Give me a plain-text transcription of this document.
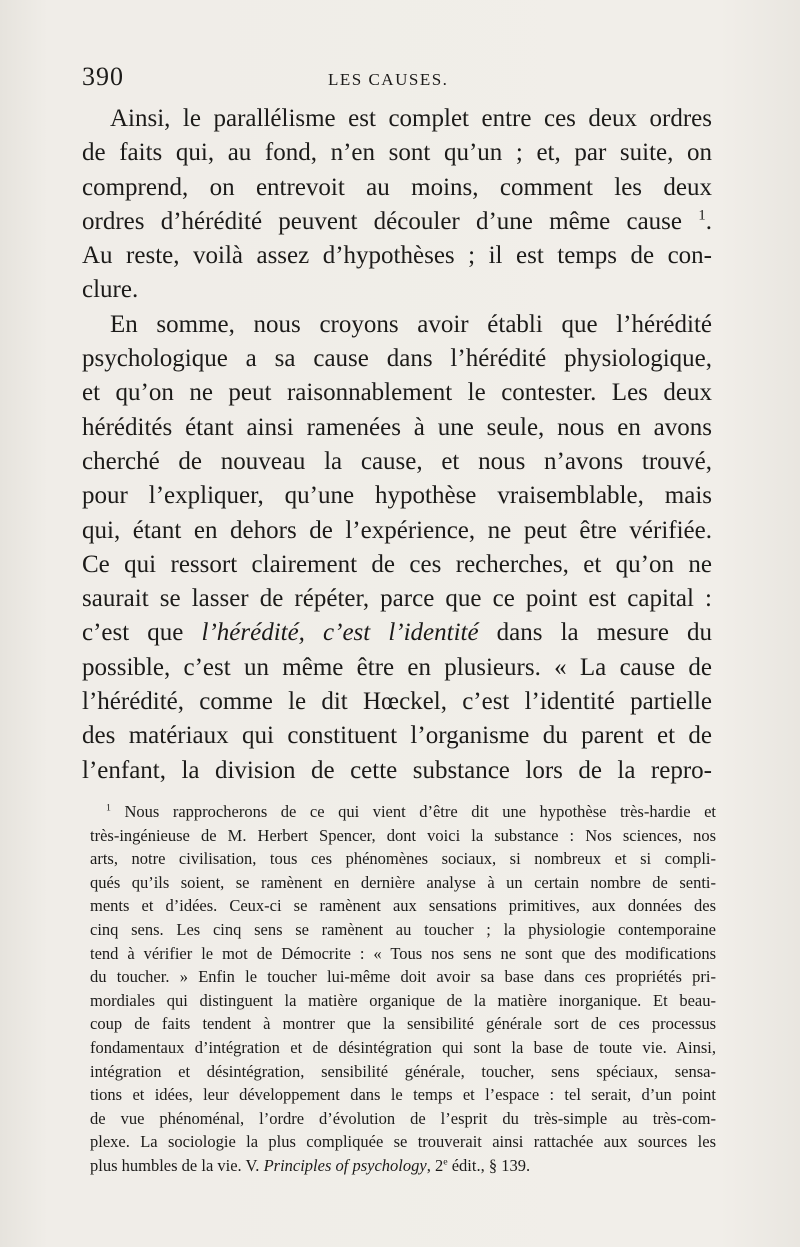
390	LES CAUSES.
Ainsi, le parallélisme est complet entre ces deux ordres
de faits qui, au fond, n’en sont qu’un ; et, par suite, on
comprend, on entrevoit au moins, comment les deux
ordres d’hérédité peuvent découler d’une même cause $^1$.
Au reste, voilà assez d’hypothèses ; il est temps de con-
clure.
En somme, nous croyons avoir établi que l’hérédité
psychologique a sa cause dans l’hérédité physiologique,
et qu’on ne peut raisonnablement le contester. Les deux
hérédités étant ainsi ramenées à une seule, nous en avons
cherché de nouveau la cause, et nous n’avons trouvé,
pour l’expliquer, qu’une hypothèse vraisemblable, mais
qui, étant en dehors de l’expérience, ne peut être vérifiée.
Ce qui ressort clairement de ces recherches, et qu’on ne
saurait se lasser de répéter, parce que ce point est capital :
c’est que l’hérédité, c’est l’identité dans la mesure du
possible, c’est un même être en plusieurs. « La cause de
l’hérédité, comme le dit Hœckel, c’est l’identité partielle
des matériaux qui constituent l’organisme du parent et de
l’enfant, la division de cette substance lors de la repro-
$^1$ Nous rapprocherons de ce qui vient d’être dit une hypothèse très-hardie et
très-ingénieuse de M. Herbert Spencer, dont voici la substance : Nos sciences, nos
arts, notre civilisation, tous ces phénomènes sociaux, si nombreux et si compli-
qués qu’ils soient, se ramènent en dernière analyse à un certain nombre de senti-
ments et d’idées. Ceux-ci se ramènent aux sensations primitives, aux données des
cinq sens. Les cinq sens se ramènent au toucher ; la physiologie contemporaine
tend à vérifier le mot de Démocrite : « Tous nos sens ne sont que des modifications
du toucher. » Enfin le toucher lui-même doit avoir sa base dans ces propriétés pri-
mordiales qui distinguent la matière organique de la matière inorganique. Et beau-
coup de faits tendent à montrer que la sensibilité générale sort de ces processus
fondamentaux d’intégration et de désintégration qui sont la base de toute vie. Ainsi,
intégration et désintégration, sensibilité générale, toucher, sens spéciaux, sensa-
tions et idées, leur développement dans le temps et l’espace : tel serait, d’un point
de vue phénoménal, l’ordre d’évolution de l’esprit du très-simple au très-com-
plexe. La sociologie la plus compliquée se trouverait ainsi rattachée aux sources les
plus humbles de la vie. V. Principles of psychology, 2e édit., § 139.
